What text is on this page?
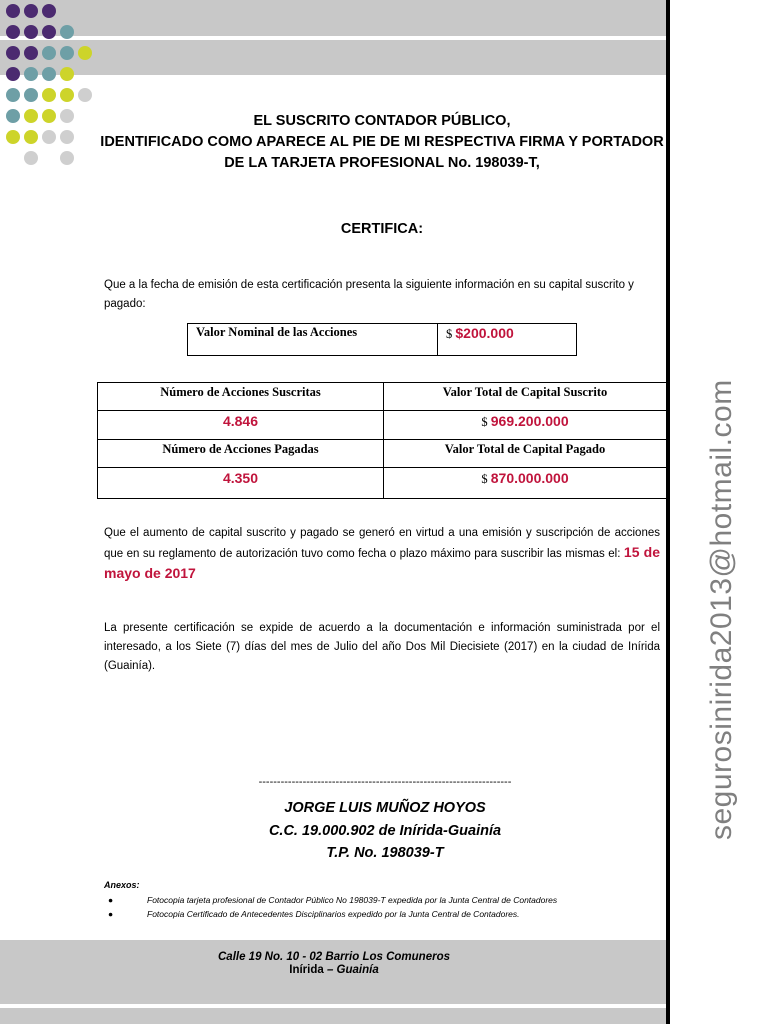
segurosinirida2013@hotmail.com
EL SUSCRITO CONTADOR PÚBLICO,
IDENTIFICADO COMO APARECE AL PIE DE MI RESPECTIVA FIRMA Y PORTADOR
DE LA TARJETA PROFESIONAL No. 198039-T,
CERTIFICA:
Que a la fecha de emisión de esta certificación presenta la siguiente información en su capital suscrito y pagado:
Valor Nominal de las Acciones	$ $200.000
Número de Acciones Suscritas	Valor Total de Capital Suscrito
4.846	$ 969.200.000
Número de Acciones Pagadas	Valor Total de Capital Pagado
4.350	$ 870.000.000
Que el aumento de capital suscrito y pagado se generó en virtud a una emisión y suscripción de acciones que en su reglamento de autorización tuvo como fecha o plazo máximo para suscribir las mismas el: 15 de mayo de 2017
La presente certificación se expide de acuerdo a la documentación e información suministrada por el interesado, a los Siete (7) días del mes de Julio del año Dos Mil Diecisiete (2017) en la ciudad de Inírida (Guainía).
---------------------------------------------------------------------
JORGE LUIS MUÑOZ HOYOS
C.C. 19.000.902 de Inírida-Guainía
T.P. No. 198039-T
Anexos:
●	Fotocopia tarjeta profesional de Contador Público No 198039-T expedida por la Junta Central de Contadores
●	Fotocopia Certificado de Antecedentes Disciplinarios expedido por la Junta Central de Contadores.
Calle 19 No. 10 - 02 Barrio Los Comuneros
Inírida – Guainía
